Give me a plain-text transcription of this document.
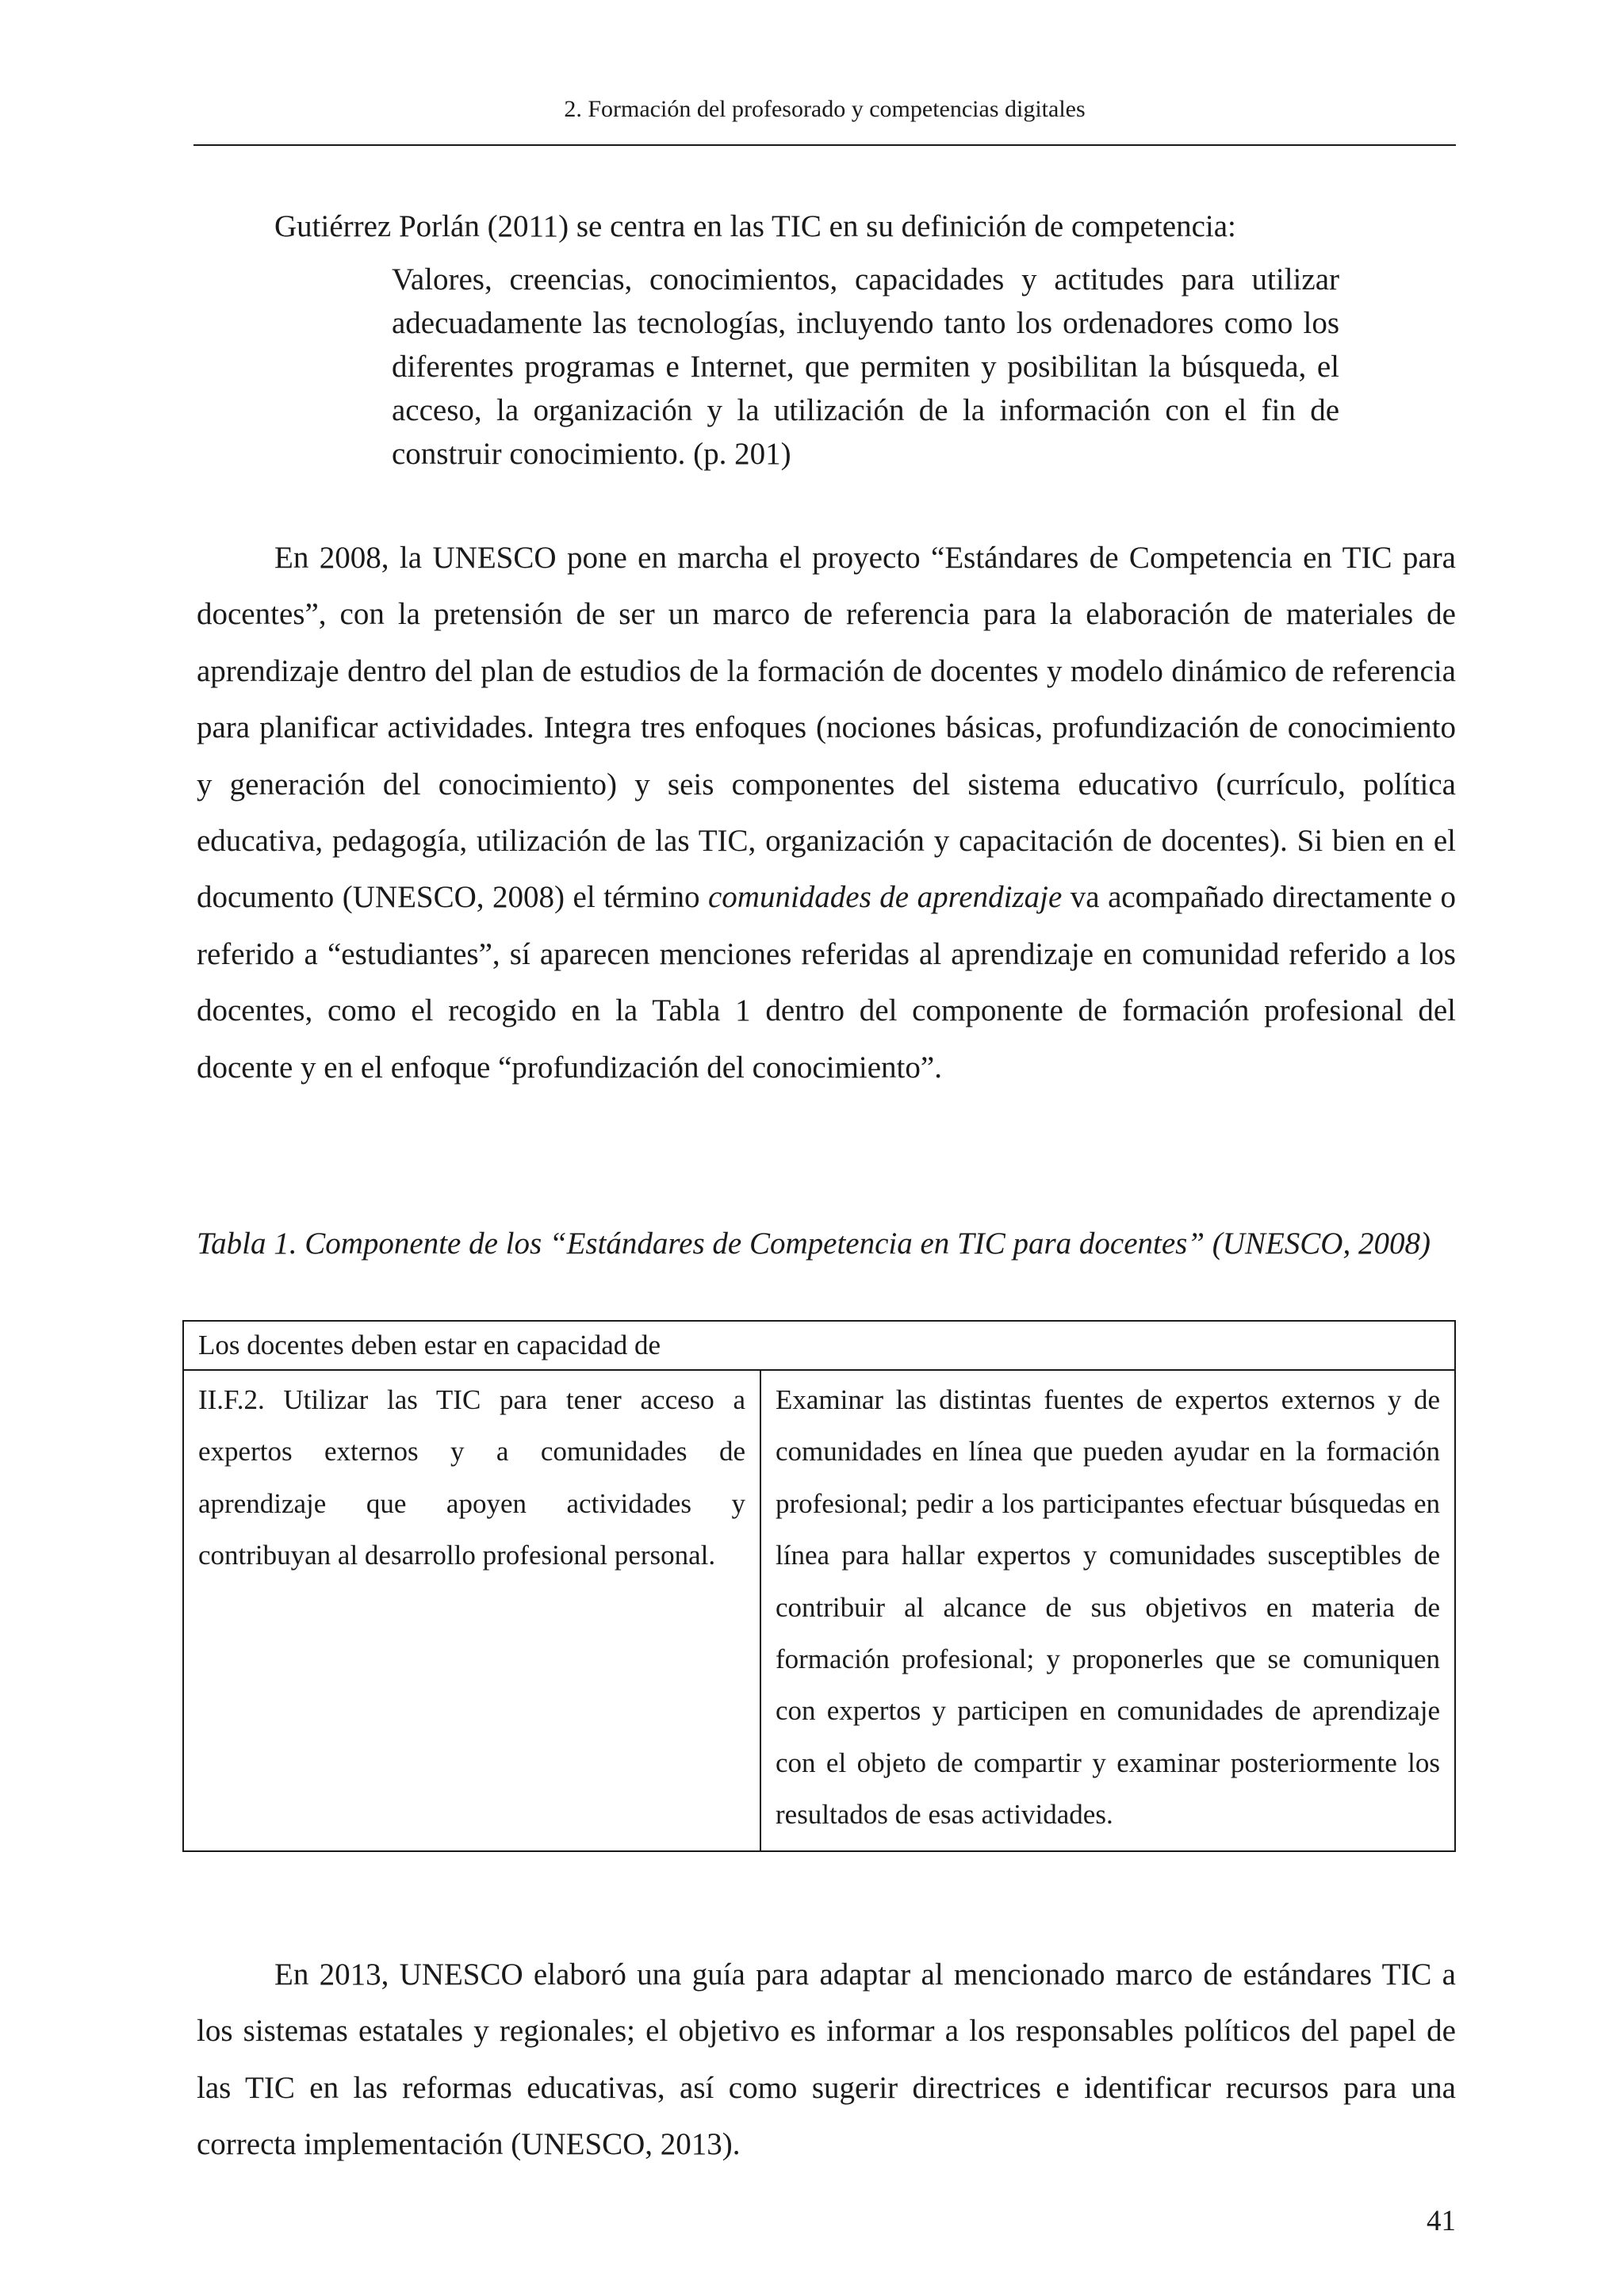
2. Formación del profesorado y competencias digitales
Gutiérrez Porlán (2011) se centra en las TIC en su definición de competencia:

Valores, creencias, conocimientos, capacidades y actitudes para utilizar adecuadamente las tecnologías, incluyendo tanto los ordenadores como los diferentes programas e Internet, que permiten y posibilitan la búsqueda, el acceso, la organización y la utilización de la información con el fin de construir conocimiento. (p. 201)

En 2008, la UNESCO pone en marcha el proyecto “Estándares de Competencia en TIC para docentes”, con la pretensión de ser un marco de referencia para la elaboración de materiales de aprendizaje dentro del plan de estudios de la formación de docentes y modelo dinámico de referencia para planificar actividades. Integra tres enfoques (nociones básicas, profundización de conocimiento y generación del conocimiento) y seis componentes del sistema educativo (currículo, política educativa, pedagogía, utilización de las TIC, organización y capacitación de docentes). Si bien en el documento (UNESCO, 2008) el término comunidades de aprendizaje va acompañado directamente o referido a “estudiantes”, sí aparecen menciones referidas al aprendizaje en comunidad referido a los docentes, como el recogido en la Tabla 1 dentro del componente de formación profesional del docente y en el enfoque “profundización del conocimiento”.

Tabla 1. Componente de los “Estándares de Competencia en TIC para docentes” (UNESCO, 2008)

Los docentes deben estar en capacidad de
II.F.2. Utilizar las TIC para tener acceso a expertos externos y a comunidades de aprendizaje que apoyen actividades y contribuyan al desarrollo profesional personal.	Examinar las distintas fuentes de expertos externos y de comunidades en línea que pueden ayudar en la formación profesional; pedir a los participantes efectuar búsquedas en línea para hallar expertos y comunidades susceptibles de contribuir al alcance de sus objetivos en materia de formación profesional; y proponerles que se comuniquen con expertos y participen en comunidades de aprendizaje con el objeto de compartir y examinar posteriormente los resultados de esas actividades.

En 2013, UNESCO elaboró una guía para adaptar al mencionado marco de estándares TIC a los sistemas estatales y regionales; el objetivo es informar a los responsables políticos del papel de las TIC en las reformas educativas, así como sugerir directrices e identificar recursos para una correcta implementación (UNESCO, 2013).

41
